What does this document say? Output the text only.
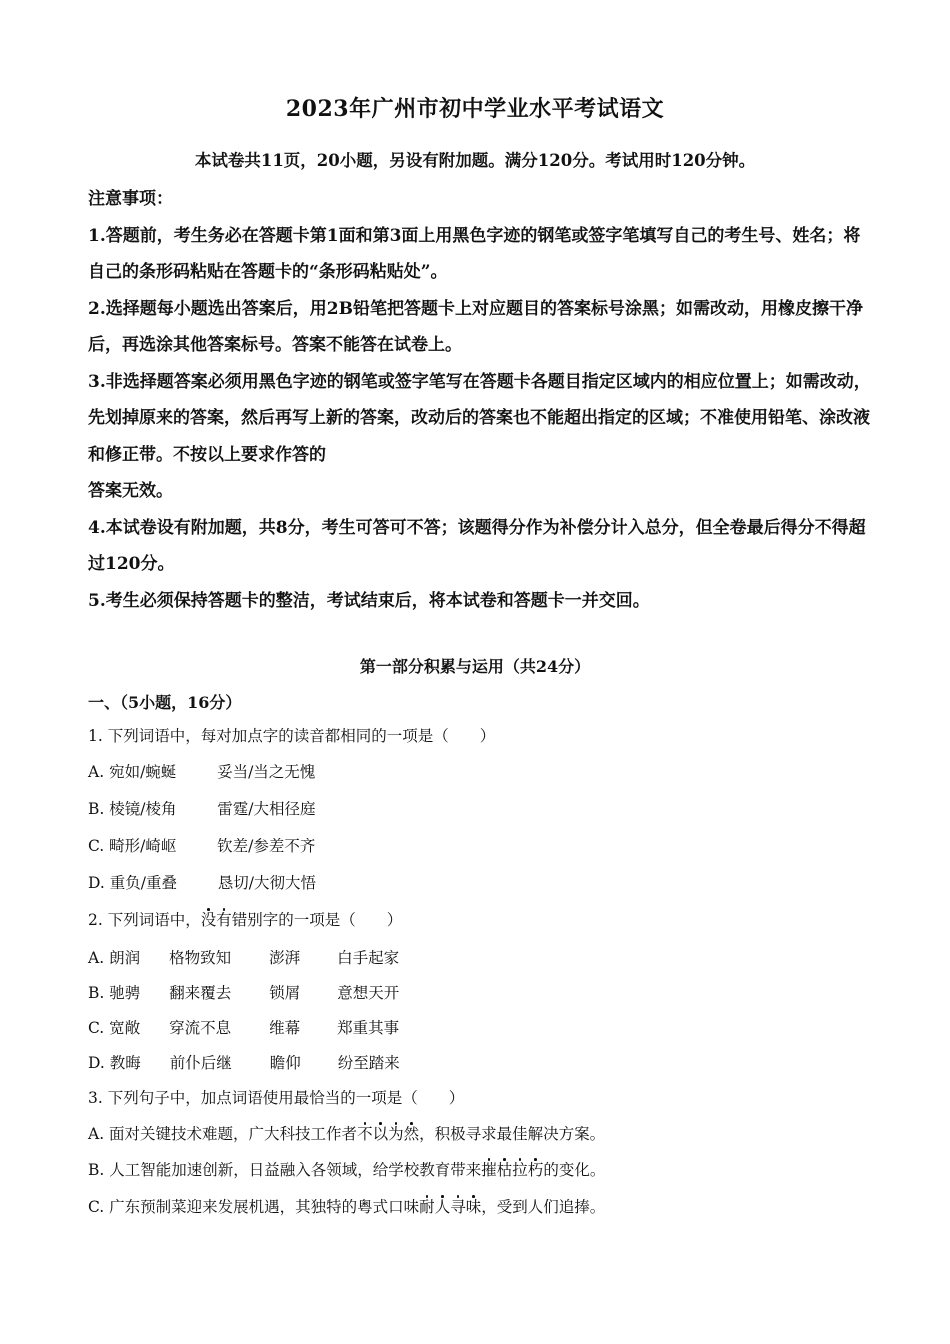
2023年广州市初中学业水平考试语文
本试卷共11页，20小题，另设有附加题。满分120分。考试用时120分钟。
注意事项：
1.答题前，考生务必在答题卡第1面和第3面上用黑色字迹的钢笔或签字笔填写自己的考生号、姓名；将自己的条形码粘贴在答题卡的“条形码粘贴处”。
2.选择题每小题选出答案后，用2B铅笔把答题卡上对应题目的答案标号涂黑；如需改动，用橡皮擦干净后，再选涂其他答案标号。答案不能答在试卷上。
3.非选择题答案必须用黑色字迹的钢笔或签字笔写在答题卡各题目指定区域内的相应位置上；如需改动，先划掉原来的答案，然后再写上新的答案，改动后的答案也不能超出指定的区域；不准使用铅笔、涂改液和修正带。不按以上要求作答的
答案无效。
4.本试卷设有附加题，共8分，考生可答可不答；该题得分作为补偿分计入总分，但全卷最后得分不得超过120分。
5.考生必须保持答题卡的整洁，考试结束后，将本试卷和答题卡一并交回。
第一部分积累与运用（共24分）
一、（5小题，16分）
1. 下列词语中，每对加点字的读音都相同的一项是（　　）
A. 宛如/蜿蜒	妥当/当之无愧
B. 棱镜/棱角	雷霆/大相径庭
C. 畸形/崎岖	钦差/参差不齐
D. 重负/重叠	恳切/大彻大悟
2. 下列词语中，没有错别字的一项是（　　）
A. 朗润 格物致知 澎湃 白手起家
B. 驰骋 翻来覆去 锁屑 意想天开
C. 宽敞 穿流不息 维幕 郑重其事
D. 教晦 前仆后继 瞻仰 纷至踏来
3. 下列句子中，加点词语使用最恰当的一项是（　　）
A. 面对关键技术难题，广大科技工作者不以为然，积极寻求最佳解决方案。
B. 人工智能加速创新，日益融入各领域，给学校教育带来摧枯拉朽的变化。
C. 广东预制菜迎来发展机遇，其独特的粤式口味耐人寻味，受到人们追捧。
